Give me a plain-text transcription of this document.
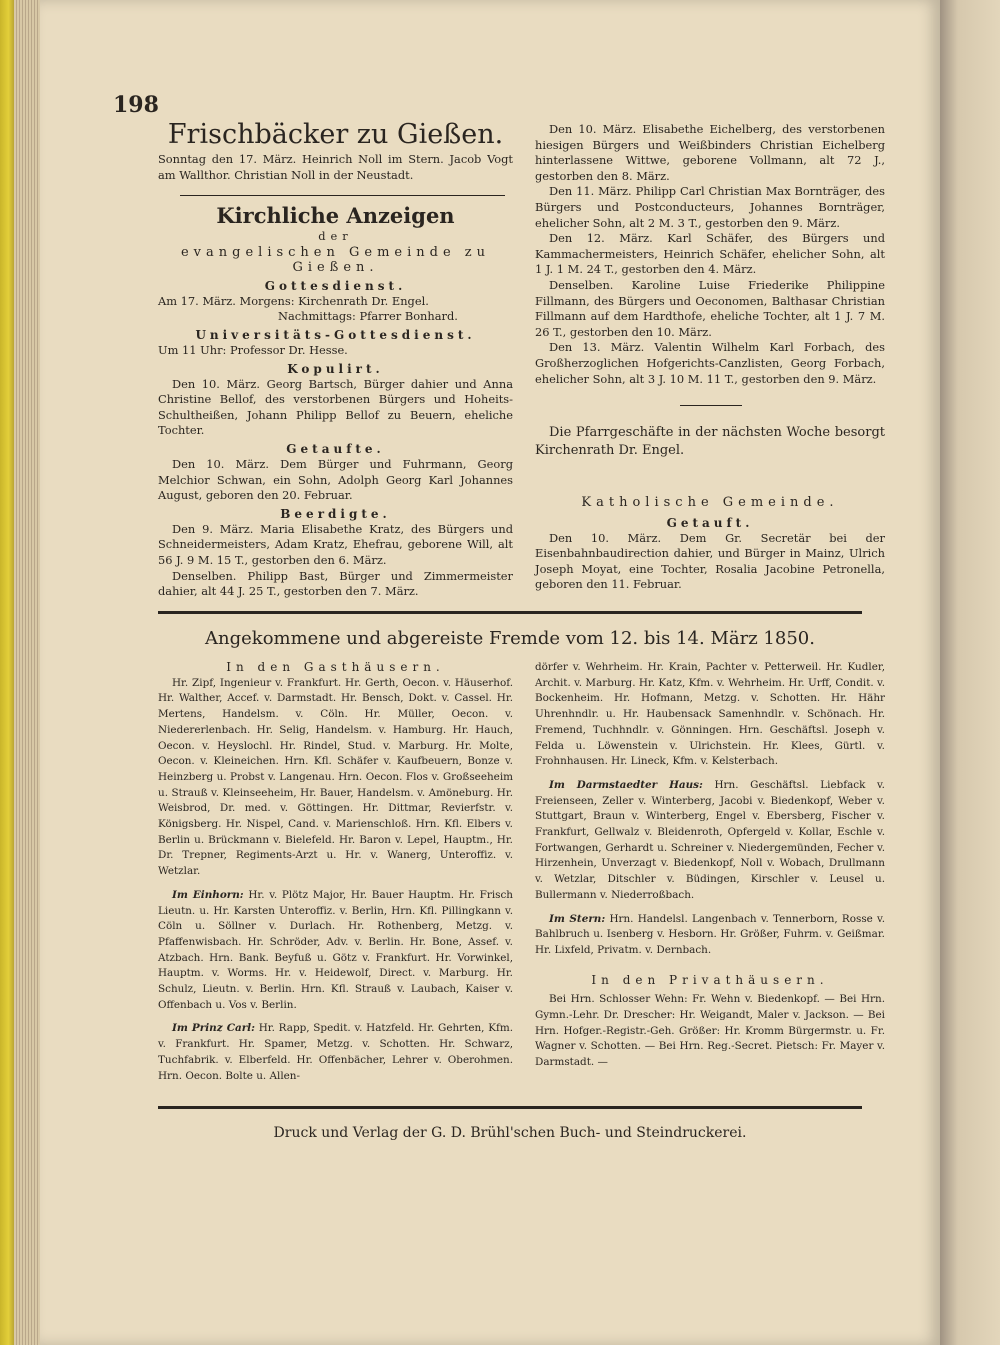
198
Frischbäcker zu Gießen.

Sonntag den 17. März. Heinrich Noll im Stern. Jacob Vogt am Wallthor. Christian Noll in der Neustadt.

Kirchliche Anzeigen

der

evangelischen Gemeinde zu Gießen.

Gottesdienst.

Am 17. März. Morgens: Kirchenrath Dr. Engel.

Nachmittags: Pfarrer Bonhard.

Universitäts-Gottesdienst.

Um 11 Uhr: Professor Dr. Hesse.

Kopulirt.

Den 10. März. Georg Bartsch, Bürger dahier und Anna Christine Bellof, des verstorbenen Bürgers und Hoheits-Schultheißen, Johann Philipp Bellof zu Beuern, eheliche Tochter.

Getaufte.

Den 10. März. Dem Bürger und Fuhrmann, Georg Melchior Schwan, ein Sohn, Adolph Georg Karl Johannes August, geboren den 20. Februar.

Beerdigte.

Den 9. März. Maria Elisabethe Kratz, des Bürgers und Schneidermeisters, Adam Kratz, Ehefrau, geborene Will, alt 56 J. 9 M. 15 T., gestorben den 6. März.

Denselben. Philipp Bast, Bürger und Zimmermeister dahier, alt 44 J. 25 T., gestorben den 7. März.

Den 10. März. Elisabethe Eichelberg, des verstorbenen hiesigen Bürgers und Weißbinders Christian Eichelberg hinterlassene Wittwe, geborene Vollmann, alt 72 J., gestorben den 8. März.

Den 11. März. Philipp Carl Christian Max Bornträger, des Bürgers und Postconducteurs, Johannes Bornträger, ehelicher Sohn, alt 2 M. 3 T., gestorben den 9. März.

Den 12. März. Karl Schäfer, des Bürgers und Kammachermeisters, Heinrich Schäfer, ehelicher Sohn, alt 1 J. 1 M. 24 T., gestorben den 4. März.

Denselben. Karoline Luise Friederike Philippine Fillmann, des Bürgers und Oeconomen, Balthasar Christian Fillmann auf dem Hardthofe, eheliche Tochter, alt 1 J. 7 M. 26 T., gestorben den 10. März.

Den 13. März. Valentin Wilhelm Karl Forbach, des Großherzoglichen Hofgerichts-Canzlisten, Georg Forbach, ehelicher Sohn, alt 3 J. 10 M. 11 T., gestorben den 9. März.

Die Pfarrgeschäfte in der nächsten Woche besorgt Kirchenrath Dr. Engel.

Katholische Gemeinde.

Getauft.

Den 10. März. Dem Gr. Secretär bei der Eisenbahnbaudirection dahier, und Bürger in Mainz, Ulrich Joseph Moyat, eine Tochter, Rosalia Jacobine Petronella, geboren den 11. Februar.

Angekommene und abgereiste Fremde vom 12. bis 14. März 1850.

In den Gasthäusern.

Hr. Zipf, Ingenieur v. Frankfurt. Hr. Gerth, Oecon. v. Häuserhof. Hr. Walther, Accef. v. Darmstadt. Hr. Bensch, Dokt. v. Cassel. Hr. Mertens, Handelsm. v. Cöln. Hr. Müller, Oecon. v. Niedererlenbach. Hr. Selig, Handelsm. v. Hamburg. Hr. Hauch, Oecon. v. Heyslochl. Hr. Rindel, Stud. v. Marburg. Hr. Molte, Oecon. v. Kleineichen. Hrn. Kfl. Schäfer v. Kaufbeuern, Bonze v. Heinzberg u. Probst v. Langenau. Hrn. Oecon. Flos v. Großseeheim u. Strauß v. Kleinseeheim, Hr. Bauer, Handelsm. v. Amöneburg. Hr. Weisbrod, Dr. med. v. Göttingen. Hr. Dittmar, Revierfstr. v. Königsberg. Hr. Nispel, Cand. v. Marienschloß. Hrn. Kfl. Elbers v. Berlin u. Brückmann v. Bielefeld. Hr. Baron v. Lepel, Hauptm., Hr. Dr. Trepner, Regiments-Arzt u. Hr. v. Wanerg, Unteroffiz. v. Wetzlar.

Im Einhorn: Hr. v. Plötz Major, Hr. Bauer Hauptm. Hr. Frisch Lieutn. u. Hr. Karsten Unteroffiz. v. Berlin, Hrn. Kfl. Pillingkann v. Cöln u. Söllner v. Durlach. Hr. Rothenberg, Metzg. v. Pfaffenwisbach. Hr. Schröder, Adv. v. Berlin. Hr. Bone, Assef. v. Atzbach. Hrn. Bank. Beyfuß u. Götz v. Frankfurt. Hr. Vorwinkel, Hauptm. v. Worms. Hr. v. Heidewolf, Direct. v. Marburg. Hr. Schulz, Lieutn. v. Berlin. Hrn. Kfl. Strauß v. Laubach, Kaiser v. Offenbach u. Vos v. Berlin.

Im Prinz Carl: Hr. Rapp, Spedit. v. Hatzfeld. Hr. Gehrten, Kfm. v. Frankfurt. Hr. Spamer, Metzg. v. Schotten. Hr. Schwarz, Tuchfabrik. v. Elberfeld. Hr. Offenbächer, Lehrer v. Oberohmen. Hrn. Oecon. Bolte u. Allen-

dörfer v. Wehrheim. Hr. Krain, Pachter v. Petterweil. Hr. Kudler, Archit. v. Marburg. Hr. Katz, Kfm. v. Wehrheim. Hr. Urff, Condit. v. Bockenheim. Hr. Hofmann, Metzg. v. Schotten. Hr. Hähr Uhrenhndlr. u. Hr. Haubensack Samenhndlr. v. Schönach. Hr. Fremend, Tuchhndlr. v. Gönningen. Hrn. Geschäftsl. Joseph v. Felda u. Löwenstein v. Ulrichstein. Hr. Klees, Gürtl. v. Frohnhausen. Hr. Lineck, Kfm. v. Kelsterbach.

Im Darmstaedter Haus: Hrn. Geschäftsl. Liebfack v. Freienseen, Zeller v. Winterberg, Jacobi v. Biedenkopf, Weber v. Stuttgart, Braun v. Winterberg, Engel v. Ebersberg, Fischer v. Frankfurt, Gellwalz v. Bleidenroth, Opfergeld v. Kollar, Eschle v. Fortwangen, Gerhardt u. Schreiner v. Niedergemünden, Fecher v. Hirzenhein, Unverzagt v. Biedenkopf, Noll v. Wobach, Drullmann v. Wetzlar, Ditschler v. Büdingen, Kirschler v. Leusel u. Bullermann v. Niederroßbach.

Im Stern: Hrn. Handelsl. Langenbach v. Tennerborn, Rosse v. Bahlbruch u. Isenberg v. Hesborn. Hr. Größer, Fuhrm. v. Geißmar. Hr. Lixfeld, Privatm. v. Dernbach.

In den Privathäusern.

Bei Hrn. Schlosser Wehn: Fr. Wehn v. Biedenkopf. — Bei Hrn. Gymn.-Lehr. Dr. Drescher: Hr. Weigandt, Maler v. Jackson. — Bei Hrn. Hofger.-Registr.-Geh. Größer: Hr. Kromm Bürgermstr. u. Fr. Wagner v. Schotten. — Bei Hrn. Reg.-Secret. Pietsch: Fr. Mayer v. Darmstadt. —

Druck und Verlag der G. D. Brühl'schen Buch- und Steindruckerei.
